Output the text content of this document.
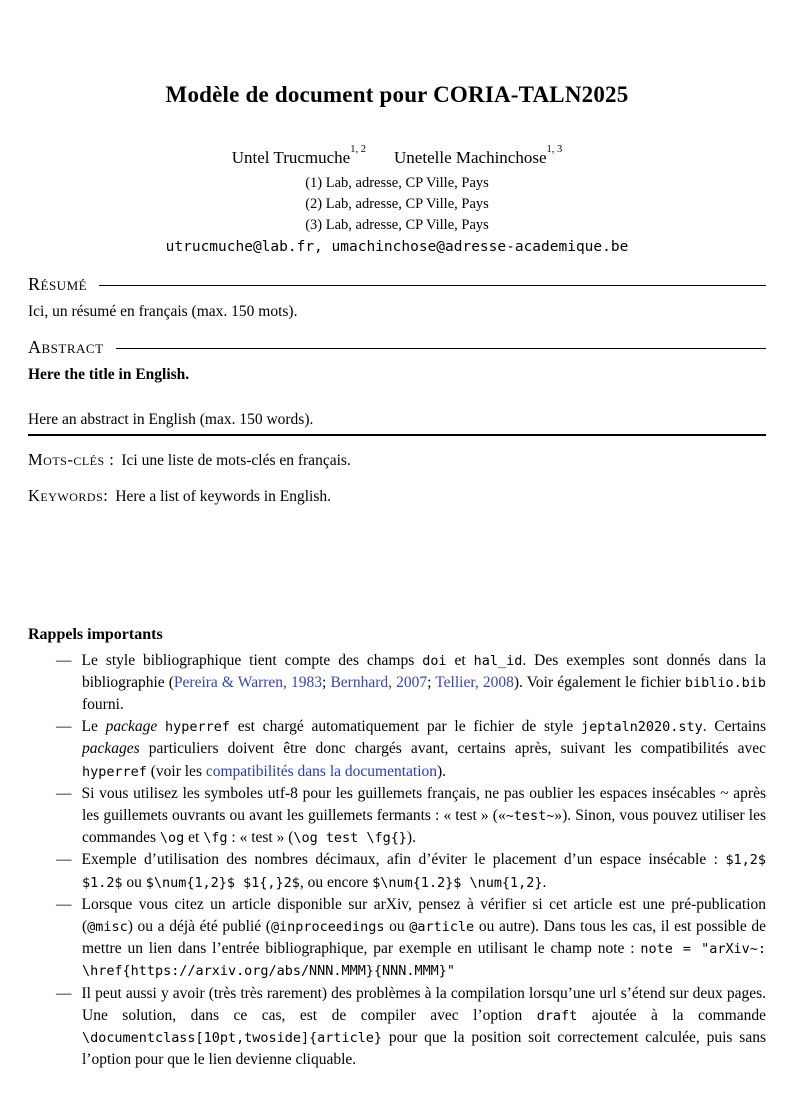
Modèle de document pour CORIA-TALN2025
Untel Trucmuche$^{1, 2}$ Unetelle Machinchose$^{1, 3}$
(1) Lab, adresse, CP Ville, Pays
(2) Lab, adresse, CP Ville, Pays
(3) Lab, adresse, CP Ville, Pays
utrucmuche@lab.fr, umachinchose@adresse-academique.be
Résumé

Ici, un résumé en français (max. 150 mots).

Abstract

Here the title in English.

Here an abstract in English (max. 150 words).

Mots-clés : Ici une liste de mots-clés en français.

Keywords: Here a list of keywords in English.

Rappels importants
— Le style bibliographique tient compte des champs doi et hal_id. Des exemples sont donnés dans la bibliographie (Pereira & Warren, 1983; Bernhard, 2007; Tellier, 2008). Voir également le fichier biblio.bib fourni.
— Le package hyperref est chargé automatiquement par le fichier de style jeptaln2020.sty. Certains packages particuliers doivent être donc chargés avant, certains après, suivant les compatibilités avec hyperref (voir les compatibilités dans la documentation).
— Si vous utilisez les symboles utf-8 pour les guillemets français, ne pas oublier les espaces insécables ~ après les guillemets ouvrants ou avant les guillemets fermants : « test » («~test~»). Sinon, vous pouvez utiliser les commandes \og et \fg : « test » (\og test \fg{}).
— Exemple d’utilisation des nombres décimaux, afin d’éviter le placement d’un espace insécable : $1,2$ $1.2$ ou $\num{1,2}$ $1{,}2$, ou encore $\num{1.2}$ \num{1,2}.
— Lorsque vous citez un article disponible sur arXiv, pensez à vérifier si cet article est une pré-publication (@misc) ou a déjà été publié (@inproceedings ou @article ou autre). Dans tous les cas, il est possible de mettre un lien dans l’entrée bibliographique, par exemple en utilisant le champ note : note = "arXiv~: \href{https://arxiv.org/abs/NNN.MMM}{NNN.MMM}"
— Il peut aussi y avoir (très très rarement) des problèmes à la compilation lorsqu’une url s’étend sur deux pages. Une solution, dans ce cas, est de compiler avec l’option draft ajoutée à la commande \documentclass[10pt,twoside]{article} pour que la position soit correctement calculée, puis sans l’option pour que le lien devienne cliquable.
